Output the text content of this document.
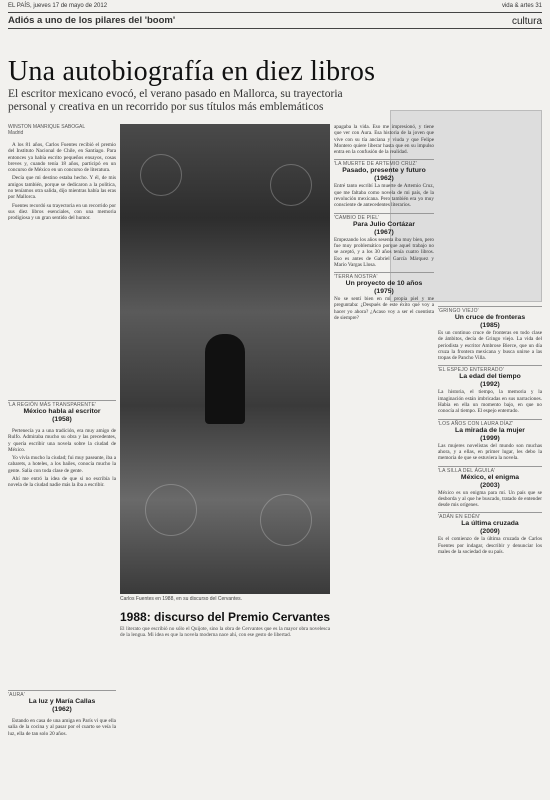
EL PAÍS, jueves 17 de mayo de 2012	vida & artes 31
Adiós a uno de los pilares del 'boom'	cultura
Una autobiografía en diez libros
El escritor mexicano evocó, el verano pasado en Mallorca, su trayectoria personal y creativa en un recorrido por sus títulos más emblemáticos
WINSTON MANRIQUE SABOGAL
Madrid

A los 81 años, Carlos Fuentes recibió el premio del Instituto Nacional de Chile, en Santiago. Para entonces ya había escrito pequeños ensayos, cosas breves y, cuando tenía 18 años, participó en un concurso de México en un concurso de literatura.

Decía que mi destino estaba hecho. Y él, de mis amigos también, porque se dedicaron a la política, no teníamos otra salida, dijo mientras había las eras por Mallorca.

Fuentes recordó su trayectoria en un recorrido por sus diez libros esenciales, con una memoria prodigiosa y un gran sentido del humor.

'LA REGIÓN MÁS TRANSPARENTE'
México habla al escritor
(1958)

Pertenecía ya a una tradición, era muy amigo de Rulfo. Admiraba mucho su obra y las precedentes, y quería escribir una novela sobre la ciudad de México.

Yo vivía mucho la ciudad; fui muy paseante, iba a cabarets, a hoteles, a los bailes, conocía mucho la gente. Salía con toda clase de gente.

Ahí me entró la idea de que si no escribía la novela de la ciudad nadie más la iba a escribir.

'AURA'
La luz y María Callas
(1962)

Estando en casa de una amiga en París vi que ella salía de la cocina y al pasar por el cuarto se veía la luz, ella de tan solo 20 años.

Carlos Fuentes en 1988, en su discurso del Cervantes.
1988: discurso del Premio Cervantes
El literato que escribió no sólo el Quijote, sino la obra de Cervantes que es la mayor obra novelesca de la lengua. Mi idea es que la novela moderna nace ahí, con ese gesto de libertad.
apagaba la vida. Eso me impresionó, y tiene que ver con Aura. Esa historia de la joven que vive con su tía anciana y viuda y que Felipe Montero quiere liberar hasta que en su impulso entra en la confusión de la realidad.
'LA MUERTE DE ARTEMIO CRUZ'
Pasado, presente y futuro
(1962)
Entré tanto escribí La muerte de Artemio Cruz, que me faltaba como novela de mi país, de la revolución mexicana. Pero también era yo muy consciente de antecedentes literarios.
'CAMBIO DE PIEL'
Para Julio Cortázar
(1967)
Empezando los años sesenta iba muy bien, pero fue muy problemático porque aquel trabajo no se aceptó, y a los 30 años tenía cuatro libros. Eso es antes de Gabriel García Márquez y Mario Vargas Llosa.
'TERRA NOSTRA'
Un proyecto de 10 años
(1975)
No se sentí bien en mi propia piel y me preguntaba: ¿Después de este éxito qué voy a hacer yo ahora? ¿Acaso voy a ser el cuentista de siempre?
'GRINGO VIEJO'
Un cruce de fronteras
(1985)
Es un continuo cruce de fronteras en todo clase de ámbitos, decía de Gringo viejo. La vida del periodista y escritor Ambrose Bierce, que un día cruza la frontera mexicana y busca unirse a las tropas de Pancho Villa.
'EL ESPEJO ENTERRADO'
La edad del tiempo
(1992)
La historia, el tiempo, la memoria y la imaginación están imbricadas en sus narraciones. Había en ella un momento bajo, en que no conocía al tiempo. El espejo enterrado.
'LOS AÑOS CON LAURA DÍAZ'
La mirada de la mujer
(1999)
Las mujeres novelistas del mundo son muchas ahora, y a ellas, en primer lugar, les debo la memoria de que se estuviera la novela.
'LA SILLA DEL ÁGUILA'
México, el enigma
(2003)
México es un enigma para mí. Un país que se desborda y al que he buscado, tratado de entender desde mis orígenes.
'ADÁN EN EDÉN'
La última cruzada
(2009)
Es el comienzo de la última cruzada de Carlos Fuentes por indagar, describir y denunciar los males de la sociedad de su país.
